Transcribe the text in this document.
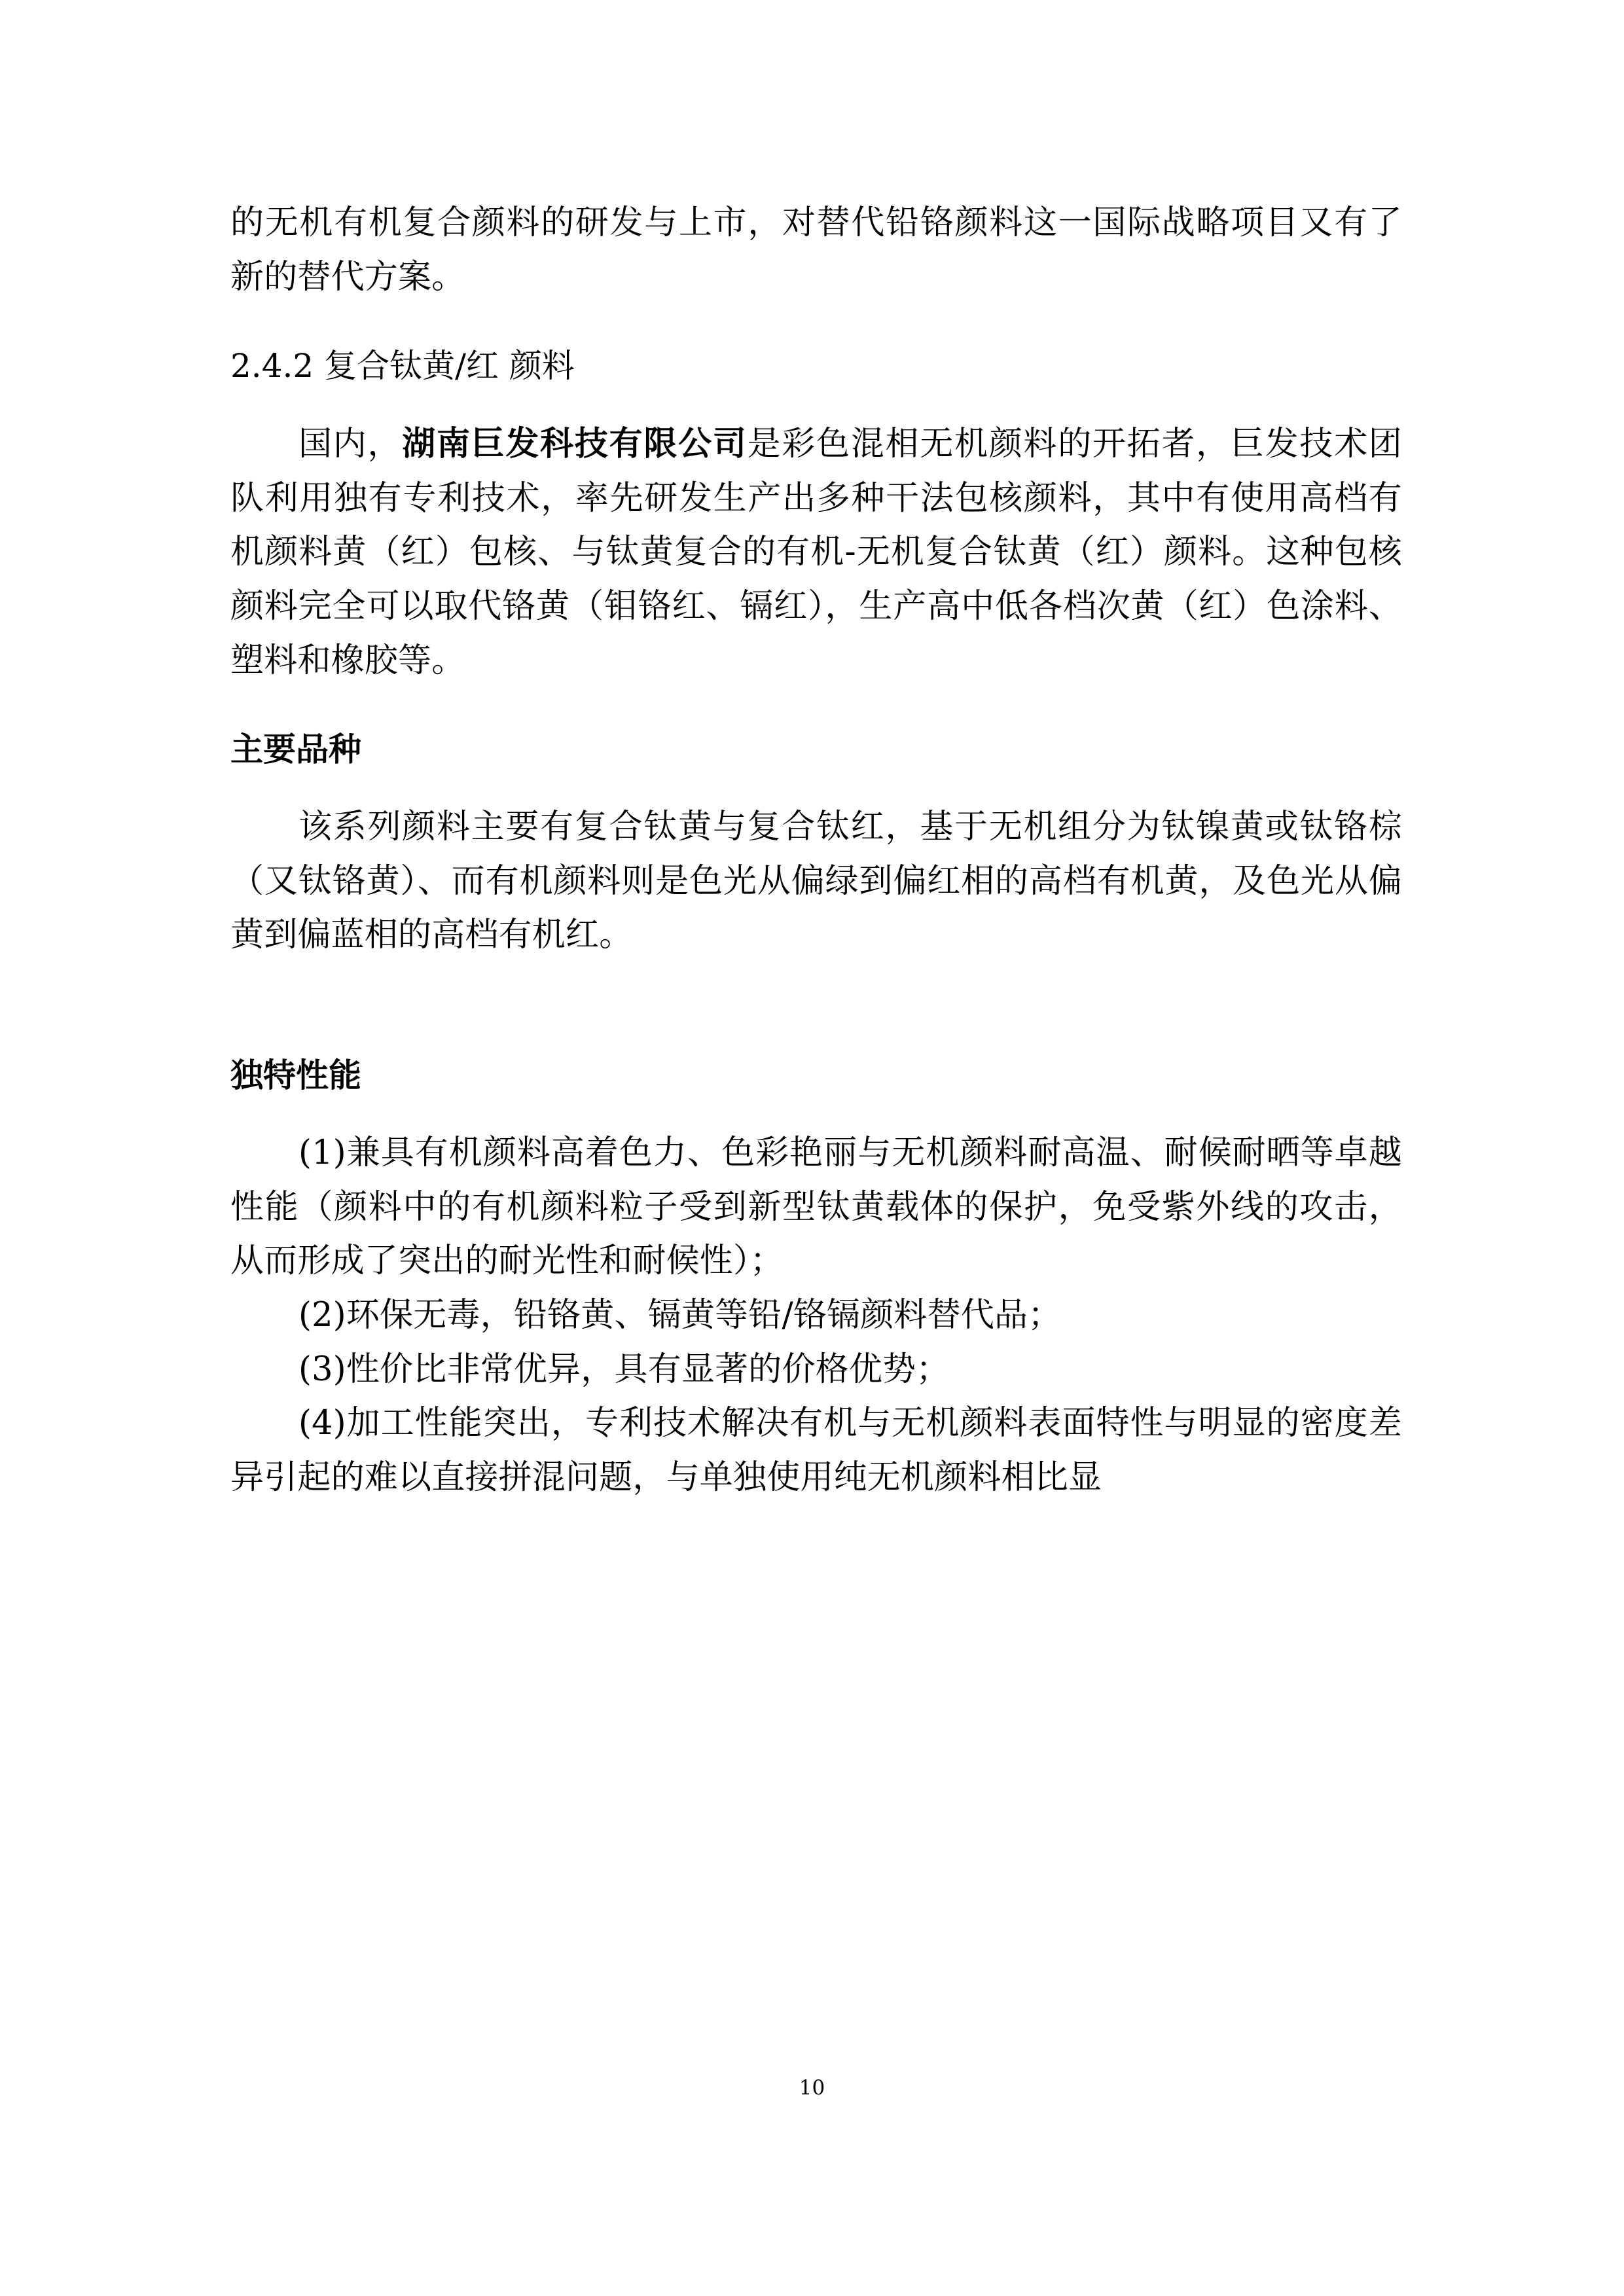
的无机有机复合颜料的研发与上市，对替代铅铬颜料这一国际战略项目又有了新的替代方案。

2.4.2 复合钛黄/红 颜料

国内，湖南巨发科技有限公司是彩色混相无机颜料的开拓者，巨发技术团队利用独有专利技术，率先研发生产出多种干法包核颜料，其中有使用高档有机颜料黄（红）包核、与钛黄复合的有机-无机复合钛黄（红）颜料。这种包核颜料完全可以取代铬黄（钼铬红、镉红），生产高中低各档次黄（红）色涂料、塑料和橡胶等。

主要品种

该系列颜料主要有复合钛黄与复合钛红，基于无机组分为钛镍黄或钛铬棕（又钛铬黄）、而有机颜料则是色光从偏绿到偏红相的高档有机黄，及色光从偏黄到偏蓝相的高档有机红。

独特性能

(1)兼具有机颜料高着色力、色彩艳丽与无机颜料耐高温、耐候耐晒等卓越性能（颜料中的有机颜料粒子受到新型钛黄载体的保护，免受紫外线的攻击，从而形成了突出的耐光性和耐候性）；

(2)环保无毒，铅铬黄、镉黄等铅/铬镉颜料替代品；

(3)性价比非常优异，具有显著的价格优势；

(4)加工性能突出，专利技术解决有机与无机颜料表面特性与明显的密度差异引起的难以直接拼混问题，与单独使用纯无机颜料相比显

10
